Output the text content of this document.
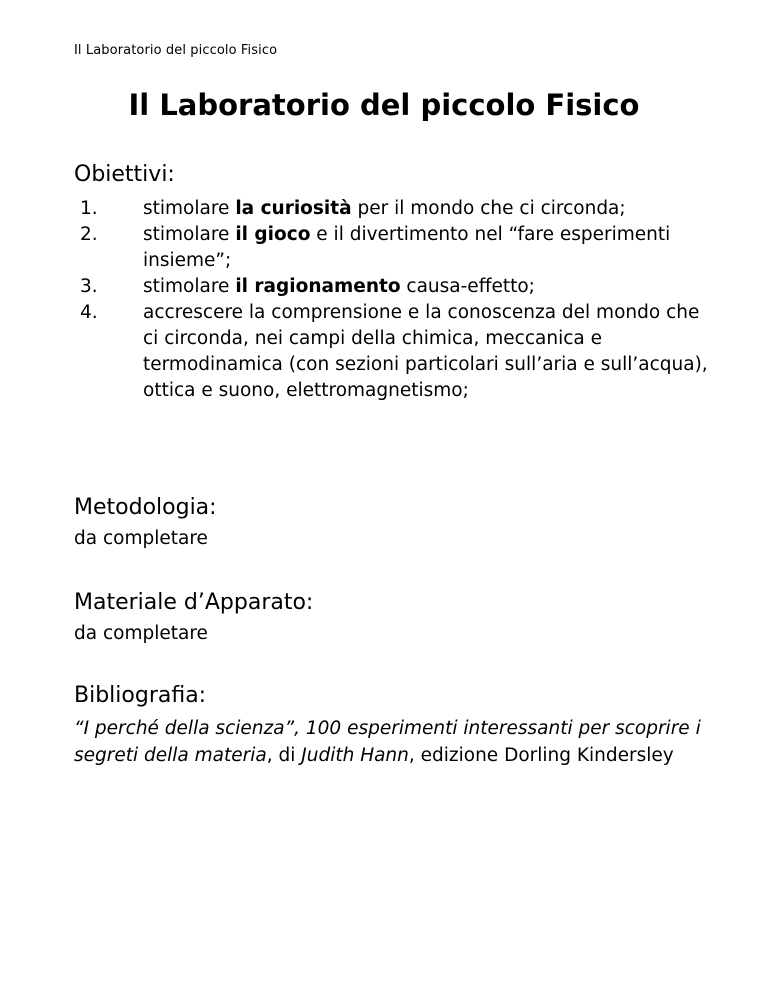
Il Laboratorio del piccolo Fisico
Il Laboratorio del piccolo Fisico
Obiettivi:
1.	stimolare la curiosità per il mondo che ci circonda;
2.	stimolare il gioco e il divertimento nel “fare esperimenti insieme”;
3.	stimolare il ragionamento causa-effetto;
4.	accrescere la comprensione e la conoscenza del mondo che ci circonda, nei campi della chimica, meccanica e termodinamica (con sezioni particolari sull’aria e sull’acqua), ottica e suono, elettromagnetismo;
Metodologia:
da completare
Materiale d’Apparato:
da completare
Bibliografia:
“I perché della scienza”, 100 esperimenti interessanti per scoprire i segreti della materia, di Judith Hann, edizione Dorling Kindersley
